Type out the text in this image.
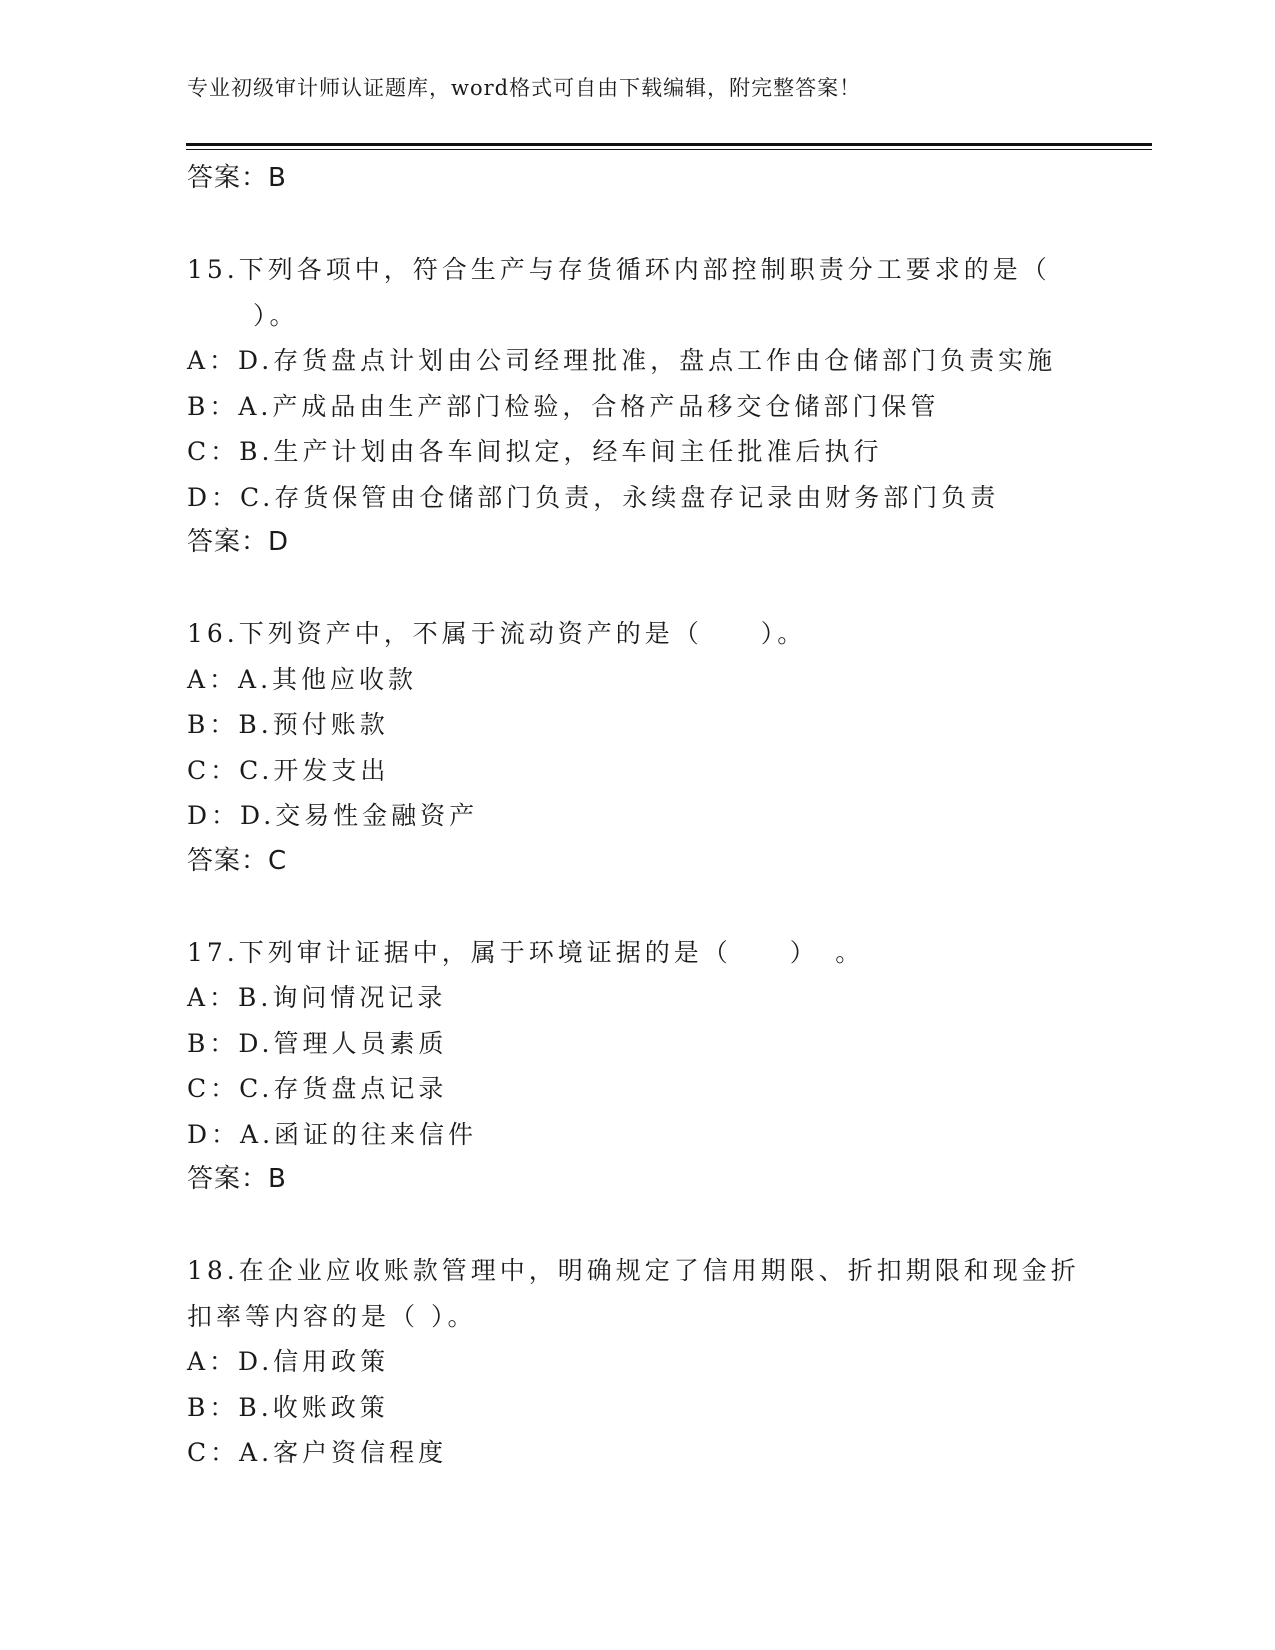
专业初级审计师认证题库，word格式可自由下载编辑，附完整答案！
答案：B
15.下列各项中，符合生产与存货循环内部控制职责分工要求的是（
）。
A：D.存货盘点计划由公司经理批准，盘点工作由仓储部门负责实施
B：A.产成品由生产部门检验，合格产品移交仓储部门保管
C：B.生产计划由各车间拟定，经车间主任批准后执行
D：C.存货保管由仓储部门负责，永续盘存记录由财务部门负责
答案：D
16.下列资产中，不属于流动资产的是（　　）。
A：A.其他应收款
B：B.预付账款
C：C.开发支出
D：D.交易性金融资产
答案：C
17.下列审计证据中，属于环境证据的是（　　）　。
A：B.询问情况记录
B：D.管理人员素质
C：C.存货盘点记录
D：A.函证的往来信件
答案：B
18.在企业应收账款管理中，明确规定了信用期限、折扣期限和现金折
扣率等内容的是（ ）。
A：D.信用政策
B：B.收账政策
C：A.客户资信程度
